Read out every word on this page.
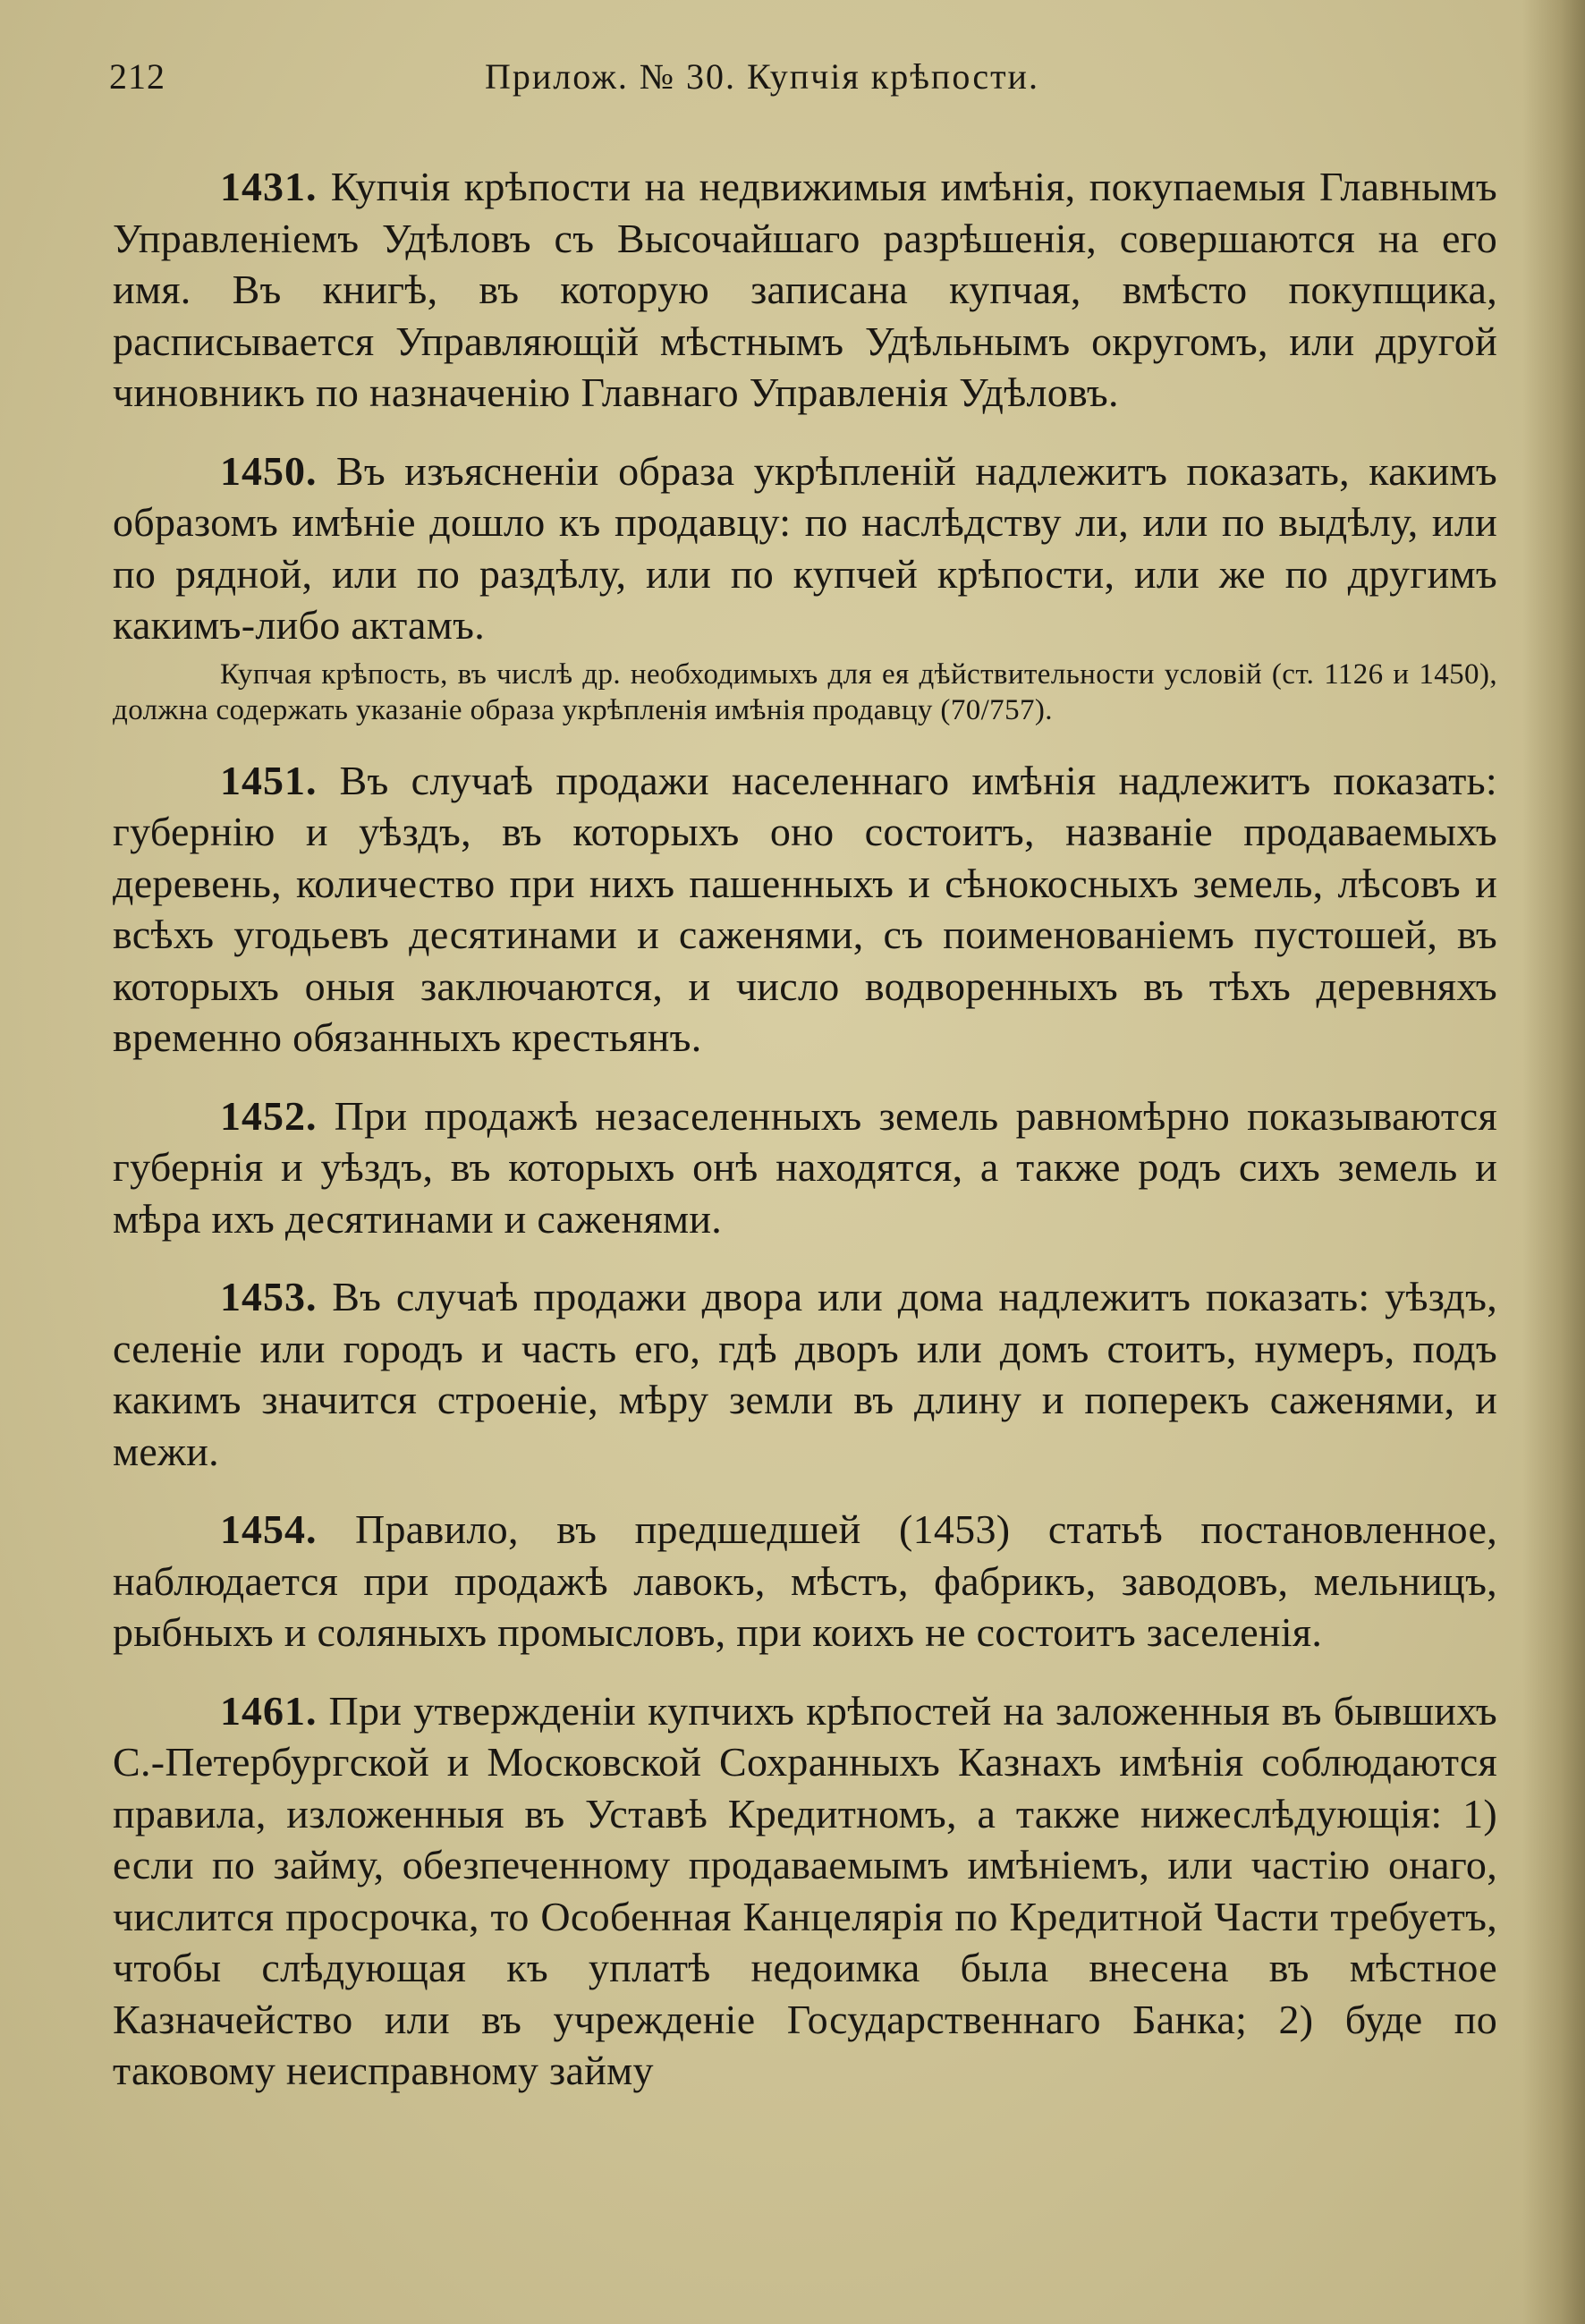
212	Прилож. № 30. Купчія крѣпости.

1431. Купчія крѣпости на недвижимыя имѣнія, покупаемыя Главнымъ Управленіемъ Удѣловъ съ Высочайшаго разрѣшенія, совершаются на его имя. Въ книгѣ, въ которую записана купчая, вмѣсто покупщика, расписывается Управляющій мѣстнымъ Удѣльнымъ округомъ, или другой чиновникъ по назначенію Главнаго Управленія Удѣловъ.

1450. Въ изъясненіи образа укрѣпленій надлежитъ показать, какимъ образомъ имѣніе дошло къ продавцу: по наслѣдству ли, или по выдѣлу, или по рядной, или по раздѣлу, или по купчей крѣпости, или же по другимъ какимъ-либо актамъ.

Купчая крѣпость, въ числѣ др. необходимыхъ для ея дѣйствительности условій (ст. 1126 и 1450), должна содержать указаніе образа укрѣпленія имѣнія продавцу (70/757).

1451. Въ случаѣ продажи населеннаго имѣнія надлежитъ показать: губернію и уѣздъ, въ которыхъ оно состоитъ, названіе продаваемыхъ деревень, количество при нихъ пашенныхъ и сѣнокосныхъ земель, лѣсовъ и всѣхъ угодьевъ десятинами и саженями, съ поименованіемъ пустошей, въ которыхъ оныя заключаются, и число водворенныхъ въ тѣхъ деревняхъ временно обязанныхъ крестьянъ.

1452. При продажѣ незаселенныхъ земель равномѣрно показываются губернія и уѣздъ, въ которыхъ онѣ находятся, а также родъ сихъ земель и мѣра ихъ десятинами и саженями.

1453. Въ случаѣ продажи двора или дома надлежитъ показать: уѣздъ, селеніе или городъ и часть его, гдѣ дворъ или домъ стоитъ, нумеръ, подъ какимъ значится строеніе, мѣру земли въ длину и поперекъ саженями, и межи.

1454. Правило, въ предшедшей (1453) статьѣ постановленное, наблюдается при продажѣ лавокъ, мѣстъ, фабрикъ, заводовъ, мельницъ, рыбныхъ и соляныхъ промысловъ, при коихъ не состоитъ заселенія.

1461. При утвержденіи купчихъ крѣпостей на заложенныя въ бывшихъ С.-Петербургской и Московской Сохранныхъ Казнахъ имѣнія соблюдаются правила, изложенныя въ Уставѣ Кредитномъ, а также нижеслѣдующія: 1) если по займу, обезпеченному продаваемымъ имѣніемъ, или частію онаго, числится просрочка, то Особенная Канцелярія по Кредитной Части требуетъ, чтобы слѣдующая къ уплатѣ недоимка была внесена въ мѣстное Казначейство или въ учрежденіе Государственнаго Банка; 2) буде по таковому неисправному займу
